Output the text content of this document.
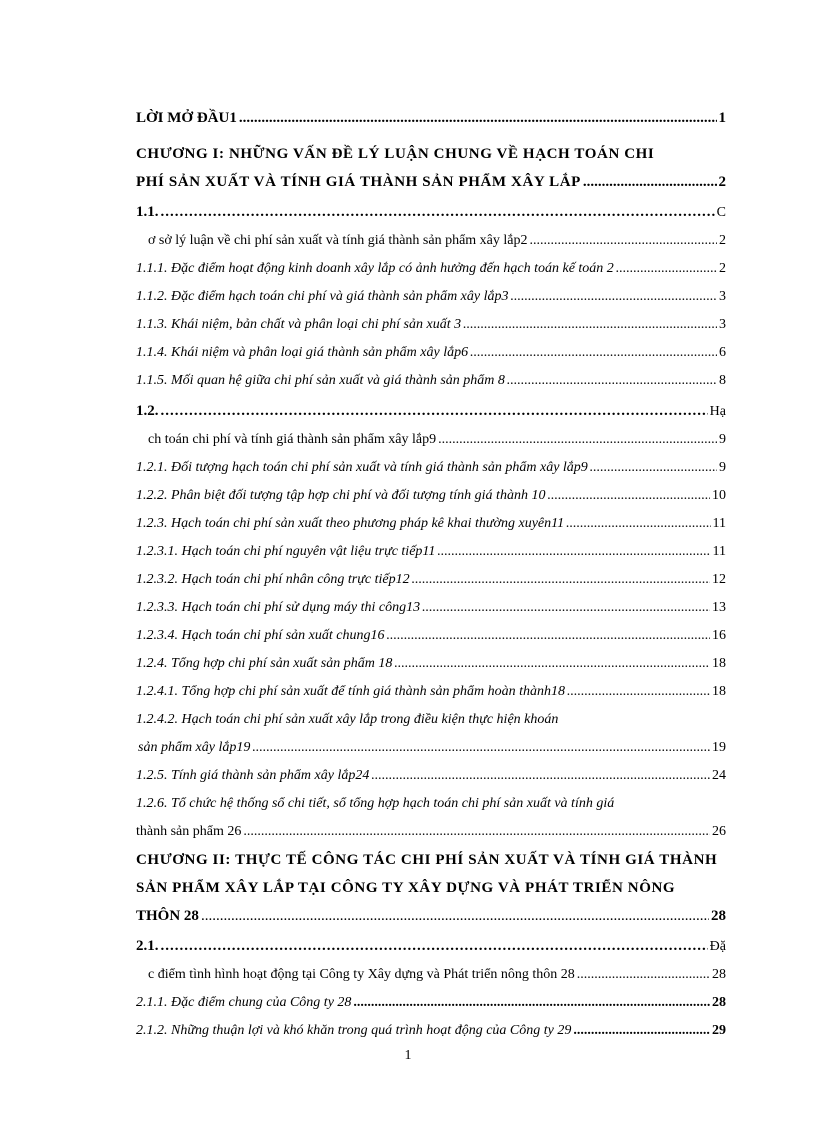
LỜI MỞ ĐẦU1 .....	1
CHƯƠNG I: NHỮNG VẤN ĐỀ LÝ LUẬN CHUNG VỀ HẠCH TOÁN CHI
PHÍ SẢN XUẤT VÀ TÍNH GIÁ THÀNH SẢN PHẨM XÂY LẮP .....	2
1.1. .....	C
ơ sở lý luận về chi phí sản xuất và tính giá thành sản phẩm xây lắp2 .....	2
1.1.1. Đặc điểm hoạt động kinh doanh xây lắp có ảnh hưởng đến hạch toán kế toán 2 .....	2
1.1.2. Đặc điểm hạch toán chi phí và giá thành sản phẩm xây lắp3 .....	3
1.1.3. Khái niệm, bản chất và phân loại chi phí sản xuất 3 .....	3
1.1.4. Khái niệm và phân loại giá thành sản phẩm xây lắp6 .....	6
1.1.5. Mối quan hệ giữa chi phí sản xuất và giá thành sản phẩm 8 .....	8
1.2. .....	Hạ
ch toán chi phí và tính giá thành sản phẩm xây lắp9 .....	9
1.2.1. Đối tượng hạch toán chi phí sản xuất và tính giá thành sản phẩm xây lắp9 .....	9
1.2.2. Phân biệt đối tượng tập hợp chi phí và đối tượng tính giá thành 10 .....	10
1.2.3. Hạch toán chi phí sản xuất theo phương pháp kê khai thường xuyên11 .....	11
1.2.3.1. Hạch toán chi phí nguyên vật liệu trực tiếp11 .....	11
1.2.3.2. Hạch toán chi phí nhân công trực tiếp12 .....	12
1.2.3.3. Hạch toán chi phí sử dụng máy thi công13 .....	13
1.2.3.4. Hạch toán chi phí sản xuất chung16 .....	16
1.2.4. Tổng hợp chi phí sản xuất sản phẩm 18 .....	18
1.2.4.1. Tổng hợp chi phí sản xuất để tính giá thành sản phẩm hoàn thành18 .....	18
1.2.4.2. Hạch toán chi phí sản xuất xây lắp trong điều kiện thực hiện khoán
sản phẩm xây lắp19 .....	19
1.2.5. Tính giá thành sản phẩm xây lắp24 .....	24
1.2.6. Tổ chức hệ thống sổ chi tiết, sổ tổng hợp hạch toán chi phí sản xuất và tính giá
thành sản phẩm 26 .....	26
CHƯƠNG II: THỰC TẾ CÔNG TÁC CHI PHÍ SẢN XUẤT VÀ TÍNH GIÁ THÀNH
SẢN PHẨM XÂY LẮP TẠI CÔNG TY XÂY DỰNG VÀ PHÁT TRIỂN NÔNG
THÔN 28 .....	28
2.1. .....	Đặ
c điểm tình hình hoạt động tại Công ty Xây dựng và Phát triển nông thôn 28 .....	28
2.1.1. Đặc điểm chung của Công ty 28 .....	28
2.1.2. Những thuận lợi và khó khăn trong quá trình hoạt động của Công ty 29 .....	29
1
